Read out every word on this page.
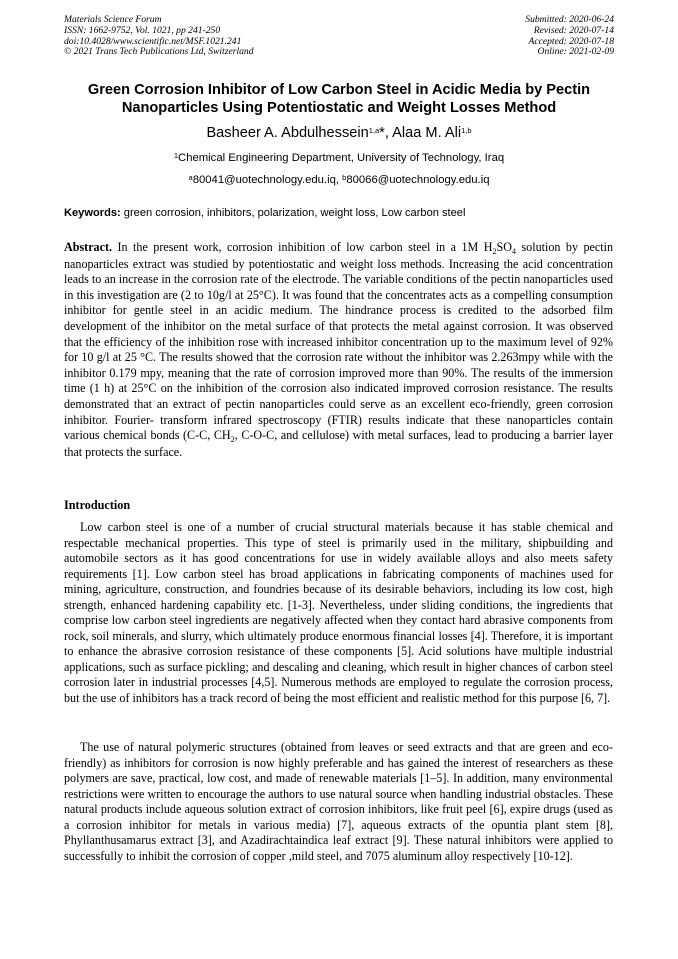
Materials Science Forum
ISSN: 1662-9752, Vol. 1021, pp 241-250
doi:10.4028/www.scientific.net/MSF.1021.241
© 2021 Trans Tech Publications Ltd, Switzerland
Submitted: 2020-06-24
Revised: 2020-07-14
Accepted: 2020-07-18
Online: 2021-02-09
Green Corrosion Inhibitor of Low Carbon Steel in Acidic Media by Pectin Nanoparticles Using Potentiostatic and Weight Losses Method
Basheer A. Abdulhessein$^{1,a}$*, Alaa M. Ali$^{1,b}$
$^1$Chemical Engineering Department, University of Technology, Iraq
$^a$80041@uotechnology.edu.iq, $^b$80066@uotechnology.edu.iq
Keywords: green corrosion, inhibitors, polarization, weight loss, Low carbon steel
Abstract. In the present work, corrosion inhibition of low carbon steel in a 1M $H_2SO_4$ solution by pectin nanoparticles extract was studied by potentiostatic and weight loss methods. Increasing the acid concentration leads to an increase in the corrosion rate of the electrode. The variable conditions of the pectin nanoparticles used in this investigation are (2 to 10g/l at 25°C). It was found that the concentrates acts as a compelling consumption inhibitor for gentle steel in an acidic medium. The hindrance process is credited to the adsorbed film development of the inhibitor on the metal surface of that protects the metal against corrosion. It was observed that the efficiency of the inhibition rose with increased inhibitor concentration up to the maximum level of 92% for 10 g/l at 25 °C. The results showed that the corrosion rate without the inhibitor was 2.263mpy while with the inhibitor 0.179 mpy, meaning that the rate of corrosion improved more than 90%. The results of the immersion time (1 h) at 25°C on the inhibition of the corrosion also indicated improved corrosion resistance. The results demonstrated that an extract of pectin nanoparticles could serve as an excellent eco-friendly, green corrosion inhibitor. Fourier- transform infrared spectroscopy (FTIR) results indicate that these nanoparticles contain various chemical bonds (C-C, $CH_2$, C-O-C, and cellulose) with metal surfaces, lead to producing a barrier layer that protects the surface.
Introduction

Low carbon steel is one of a number of crucial structural materials because it has stable chemical and respectable mechanical properties. This type of steel is primarily used in the military, shipbuilding and automobile sectors as it has good concentrations for use in widely available alloys and also meets safety requirements [1]. Low carbon steel has broad applications in fabricating components of machines used for mining, agriculture, construction, and foundries because of its desirable behaviors, including its low cost, high strength, enhanced hardening capability etc. [1-3]. Nevertheless, under sliding conditions, the ingredients that comprise low carbon steel ingredients are negatively affected when they contact hard abrasive components from rock, soil minerals, and slurry, which ultimately produce enormous financial losses [4]. Therefore, it is important to enhance the abrasive corrosion resistance of these components [5]. Acid solutions have multiple industrial applications, such as surface pickling; and descaling and cleaning, which result in higher chances of carbon steel corrosion later in industrial processes [4,5]. Numerous methods are employed to regulate the corrosion process, but the use of inhibitors has a track record of being the most efficient and realistic method for this purpose [6, 7].

The use of natural polymeric structures (obtained from leaves or seed extracts and that are green and eco-friendly) as inhibitors for corrosion is now highly preferable and has gained the interest of researchers as these polymers are save, practical, low cost, and made of renewable materials [1–5]. In addition, many environmental restrictions were written to encourage the authors to use natural source when handling industrial obstacles. These natural products include aqueous solution extract of corrosion inhibitors, like fruit peel [6], expire drugs (used as a corrosion inhibitor for metals in various media) [7], aqueous extracts of the opuntia plant stem [8], Phyllanthusamarus extract [3], and Azadirachtaindica leaf extract [9]. These natural inhibitors were applied to successfully to inhibit the corrosion of copper ,mild steel, and 7075 aluminum alloy respectively [10-12].
